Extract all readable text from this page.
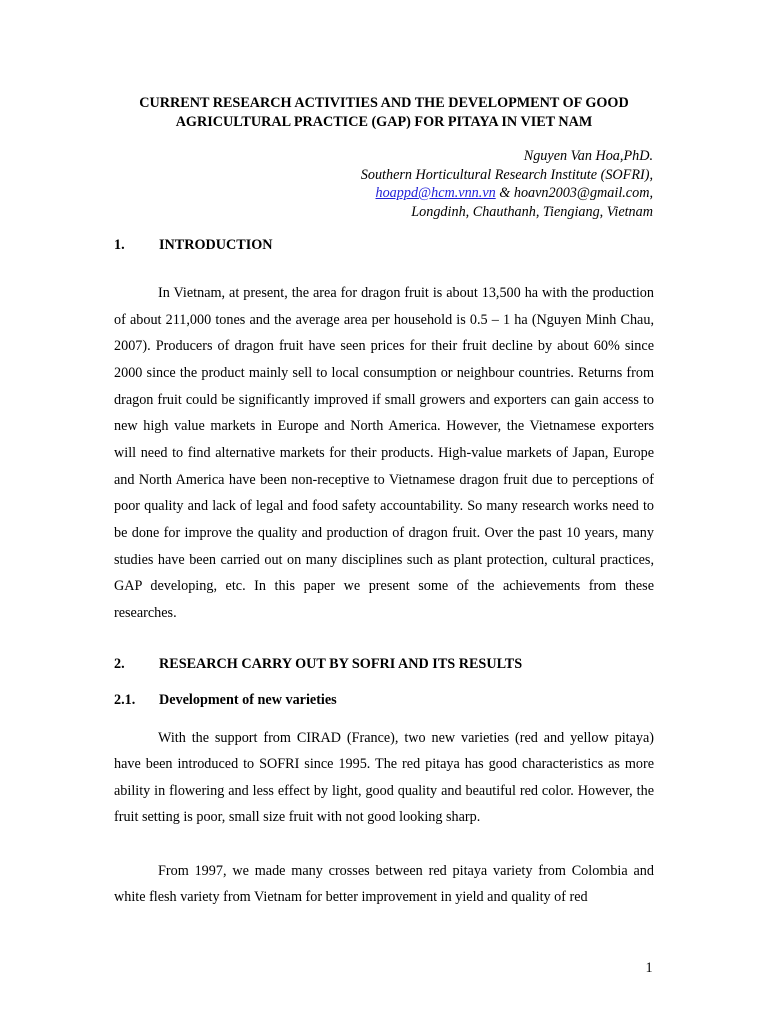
CURRENT RESEARCH ACTIVITIES AND THE DEVELOPMENT OF GOOD AGRICULTURAL PRACTICE (GAP) FOR PITAYA IN VIET NAM

Nguyen Van Hoa,PhD.
Southern Horticultural Research Institute (SOFRI),
hoappd@hcm.vnn.vn & hoavn2003@gmail.com,
Longdinh, Chauthanh, Tiengiang, Vietnam
1. INTRODUCTION

In Vietnam, at present, the area for dragon fruit is about 13,500 ha with the production of about 211,000 tones and the average area per household is 0.5 – 1 ha (Nguyen Minh Chau, 2007). Producers of dragon fruit have seen prices for their fruit decline by about 60% since 2000 since the product mainly sell to local consumption or neighbour countries. Returns from dragon fruit could be significantly improved if small growers and exporters can gain access to new high value markets in Europe and North America. However, the Vietnamese exporters will need to find alternative markets for their products. High-value markets of Japan, Europe and North America have been non-receptive to Vietnamese dragon fruit due to perceptions of poor quality and lack of legal and food safety accountability. So many research works need to be done for improve the quality and production of dragon fruit. Over the past 10 years, many studies have been carried out on many disciplines such as plant protection, cultural practices, GAP developing, etc. In this paper we present some of the achievements from these researches.

2. RESEARCH CARRY OUT BY SOFRI AND ITS RESULTS
2.1. Development of new varieties

With the support from CIRAD (France), two new varieties (red and yellow pitaya) have been introduced to SOFRI since 1995. The red pitaya has good characteristics as more ability in flowering and less effect by light, good quality and beautiful red color. However, the fruit setting is poor, small size fruit with not good looking sharp.

From 1997, we made many crosses between red pitaya variety from Colombia and white flesh variety from Vietnam for better improvement in yield and quality of red

1
